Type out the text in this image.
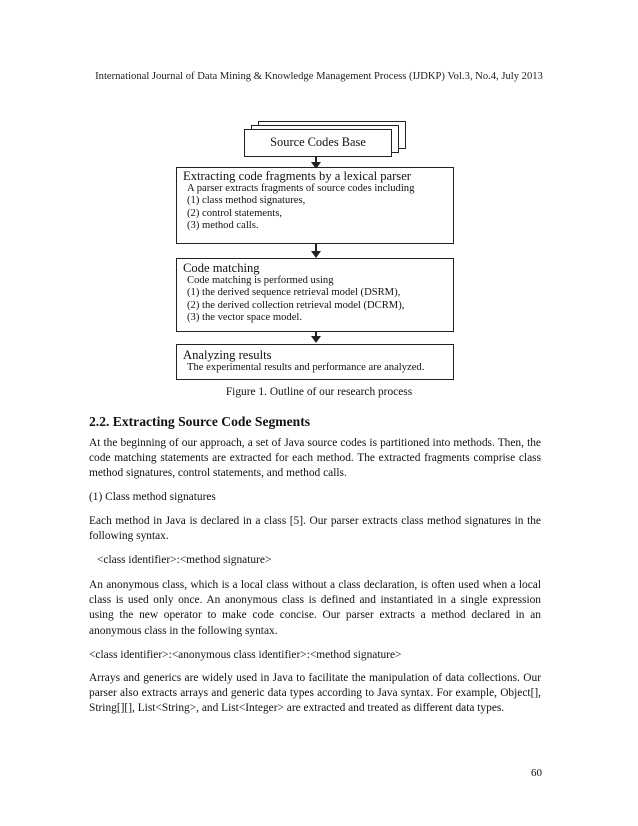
International Journal of Data Mining & Knowledge Management Process (IJDKP) Vol.3, No.4, July 2013
Source Codes Base
Extracting code fragments by a lexical parser
A parser extracts fragments of source codes including
(1) class method signatures,
(2) control statements,
(3) method calls.
Code matching
Code matching is performed using
(1) the derived sequence retrieval model (DSRM),
(2) the derived collection retrieval model (DCRM),
(3) the vector space model.
Analyzing results
The experimental results and performance are analyzed.
Figure 1. Outline of our research process
2.2. Extracting Source Code Segments
At the beginning of our approach, a set of Java source codes is partitioned into methods. Then, the code matching statements are extracted for each method. The extracted fragments comprise class method signatures, control statements, and method calls.
(1) Class method signatures
Each method in Java is declared in a class [5]. Our parser extracts class method signatures in the following syntax.
<class identifier>:<method signature>
An anonymous class, which is a local class without a class declaration, is often used when a local class is used only once. An anonymous class is defined and instantiated in a single expression using the new operator to make code concise. Our parser extracts a method declared in an anonymous class in the following syntax.
<class identifier>:<anonymous class identifier>:<method signature>
Arrays and generics are widely used in Java to facilitate the manipulation of data collections. Our parser also extracts arrays and generic data types according to Java syntax. For example, Object[], String[][], List<String>, and List<Integer> are extracted and treated as different data types.
60
